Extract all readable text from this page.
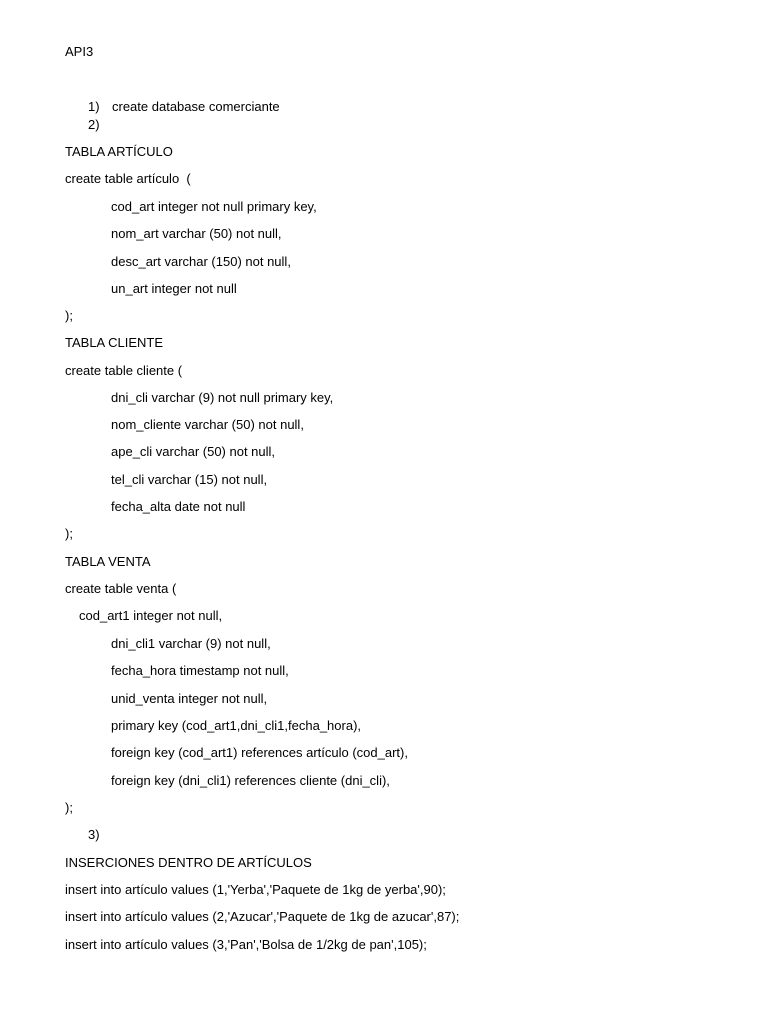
API3
1) create database comerciante
2)
TABLA ARTÍCULO
create table artículo  (
cod_art integer not null primary key,
nom_art varchar (50) not null,
desc_art varchar (150) not null,
un_art integer not null
);
TABLA CLIENTE
create table cliente (
dni_cli varchar (9) not null primary key,
nom_cliente varchar (50) not null,
ape_cli varchar (50) not null,
tel_cli varchar (15) not null,
fecha_alta date not null
);
TABLA VENTA
create table venta (
cod_art1 integer not null,
dni_cli1 varchar (9) not null,
fecha_hora timestamp not null,
unid_venta integer not null,
primary key (cod_art1,dni_cli1,fecha_hora),
foreign key (cod_art1) references artículo (cod_art),
foreign key (dni_cli1) references cliente (dni_cli),
);
3)
INSERCIONES DENTRO DE ARTÍCULOS
insert into artículo values (1,'Yerba','Paquete de 1kg de yerba',90);
insert into artículo values (2,'Azucar','Paquete de 1kg de azucar',87);
insert into artículo values (3,'Pan','Bolsa de 1/2kg de pan',105);
